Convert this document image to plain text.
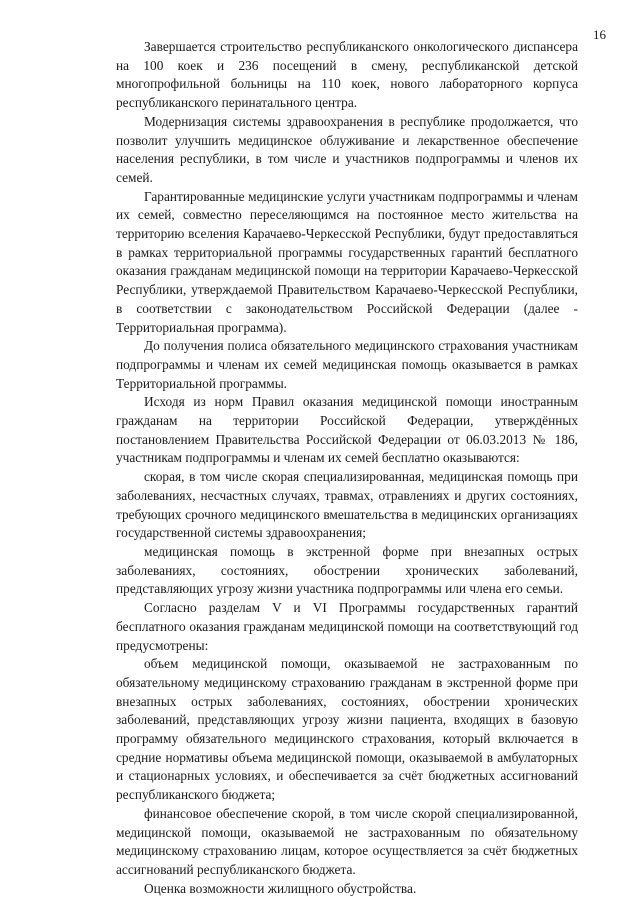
16

Завершается строительство республиканского онкологического диспансера на 100 коек и 236 посещений в смену, республиканской детской многопрофильной больницы на 110 коек, нового лабораторного корпуса республиканского перинатального центра.

Модернизация системы здравоохранения в республике продолжается, что позволит улучшить медицинское облуживание и лекарственное обеспечение населения республики, в том числе и участников подпрограммы и членов их семей.

Гарантированные медицинские услуги участникам подпрограммы и членам их семей, совместно переселяющимся на постоянное место жительства на территорию вселения Карачаево-Черкесской Республики, будут предоставляться в рамках территориальной программы государственных гарантий бесплатного оказания гражданам медицинской помощи на территории Карачаево-Черкесской Республики, утверждаемой Правительством Карачаево-Черкесской Республики, в соответствии с законодательством Российской Федерации (далее - Территориальная программа).

До получения полиса обязательного медицинского страхования участникам подпрограммы и членам их семей медицинская помощь оказывается в рамках Территориальной программы.

Исходя из норм Правил оказания медицинской помощи иностранным гражданам на территории Российской Федерации, утверждённых постановлением Правительства Российской Федерации от 06.03.2013 № 186, участникам подпрограммы и членам их семей бесплатно оказываются:

скорая, в том числе скорая специализированная, медицинская помощь при заболеваниях, несчастных случаях, травмах, отравлениях и других состояниях, требующих срочного медицинского вмешательства в медицинских организациях государственной системы здравоохранения;

медицинская помощь в экстренной форме при внезапных острых заболеваниях, состояниях, обострении хронических заболеваний, представляющих угрозу жизни участника подпрограммы или члена его семьи.

Согласно разделам V и VI Программы государственных гарантий бесплатного оказания гражданам медицинской помощи на соответствующий год предусмотрены:

объем медицинской помощи, оказываемой не застрахованным по обязательному медицинскому страхованию гражданам в экстренной форме при внезапных острых заболеваниях, состояниях, обострении хронических заболеваний, представляющих угрозу жизни пациента, входящих в базовую программу обязательного медицинского страхования, который включается в средние нормативы объема медицинской помощи, оказываемой в амбулаторных и стационарных условиях, и обеспечивается за счёт бюджетных ассигнований республиканского бюджета;

финансовое обеспечение скорой, в том числе скорой специализированной, медицинской помощи, оказываемой не застрахованным по обязательному медицинскому страхованию лицам, которое осуществляется за счёт бюджетных ассигнований республиканского бюджета.

Оценка возможности жилищного обустройства.
